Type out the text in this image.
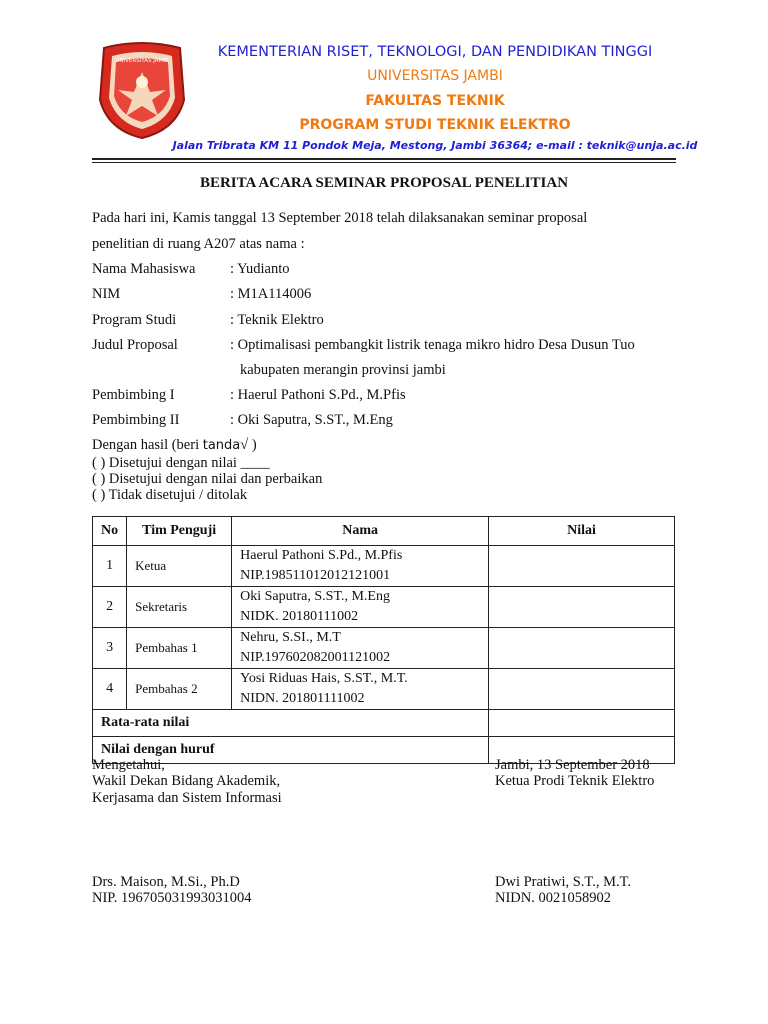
UNIVERSITAS JAMBI
KEMENTERIAN RISET, TEKNOLOGI, DAN PENDIDIKAN TINGGI
UNIVERSITAS JAMBI
FAKULTAS TEKNIK
PROGRAM STUDI TEKNIK ELEKTRO
Jalan Tribrata KM 11 Pondok Meja, Mestong, Jambi 36364; e-mail : teknik@unja.ac.id
BERITA ACARA SEMINAR PROPOSAL PENELITIAN
Pada hari ini, Kamis tanggal 13 September 2018 telah dilaksanakan seminar proposal
penelitian di ruang A207 atas nama :
Nama Mahasiswa : Yudianto
NIM	: M1A114006
Program Studi	: Teknik Elektro
Judul Proposal	: Optimalisasi pembangkit listrik tenaga mikro hidro Desa Dusun Tuo
kabupaten merangin provinsi jambi
Pembimbing I	: Haerul Pathoni S.Pd., M.Pfis
Pembimbing II	: Oki Saputra, S.ST., M.Eng
Dengan hasil (beri tanda√ )
( ) Disetujui dengan nilai ____
( ) Disetujui dengan nilai dan perbaikan
( ) Tidak disetujui / ditolak
No	Tim Penguji	Nama	Nilai
1	Ketua	Haerul Pathoni S.Pd., M.Pfis
NIP.198511012012121001	

2	Sekretaris	Oki Saputra, S.ST., M.Eng
NIDK. 20180111002	

3	Pembahas 1	Nehru, S.SI., M.T
NIP.197602082001121002	

4	Pembahas 2	Yosi Riduas Hais, S.ST., M.T.
NIDN. 201801111002	

Rata-rata nilai			
Nilai dengan huruf			
Mengetahui,
Wakil Dekan Bidang Akademik,
Kerjasama dan Sistem Informasi
Drs. Maison, M.Si., Ph.D
NIP. 196705031993031004
Jambi, 13 September 2018
Ketua Prodi Teknik Elektro
Dwi Pratiwi, S.T., M.T.
NIDN. 0021058902
